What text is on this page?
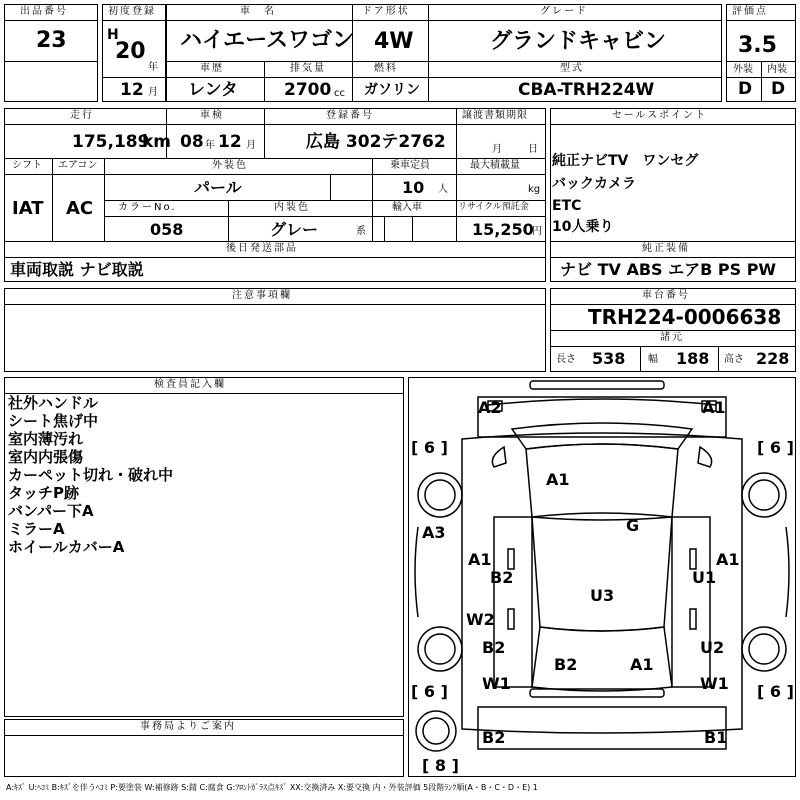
出品番号
23
初度登録
H
20
年
12 月
車　名
ハイエースワゴン
ドア形状
4W
グレード
グランドキャビン
車歴
レンタ
排気量
2700 cc
燃料
ガソリン
型式
CBA-TRH224W
評価点
3.5
外装
D
内装
D
走行
175,189
km
車検
08 年 12 月
登録番号
広島 302テ2762
譲渡書類期限
月	日
シフト
IAT
エアコン
AC
外装色
パール
乗車定員
10 人
最大積載量
kg
カラーNo.
058
内装色
グレー	系
輸入車	リサイクル預託金
15,250
円
後日発送部品
車両取説 ナビ取説
セールスポイント
純正ナビTV　ワンセグ
バックカメラ
ETC
10人乗り
純正装備
ナビ TV ABS エアB PS PW
注意事項欄	車台番号
TRH224-0006638
諸元
長さ 538 幅 188 高さ 228
検査員記入欄
社外ハンドル
シート焦げ中
室内薄汚れ
室内内張傷
カーペット切れ・破れ中
タッチP跡
バンパー下A
ミラーA
ホイールカバーA
事務局よりご案内
A2	A1
A1
G
A3
A1
B2
A1
U1
U3
W2
B2	U2
B2	A1
W1	W1
B2	B1
[ 6 ]	[ 6 ]
[ 6 ]	[ 6 ]
[ 8 ]
A:ｷｽﾞ U:ﾍｺﾐ B:ｷｽﾞを伴うﾍｺﾐ P:要塗装 W:補修跡 S:錆 C:腐食 G:ﾌﾛﾝﾄｶﾞﾗｽ点ｷｽﾞ XX:交換済み X:要交換 内・外装評価 5段階ﾗﾝｸ順(A・B・C・D・E) 1
